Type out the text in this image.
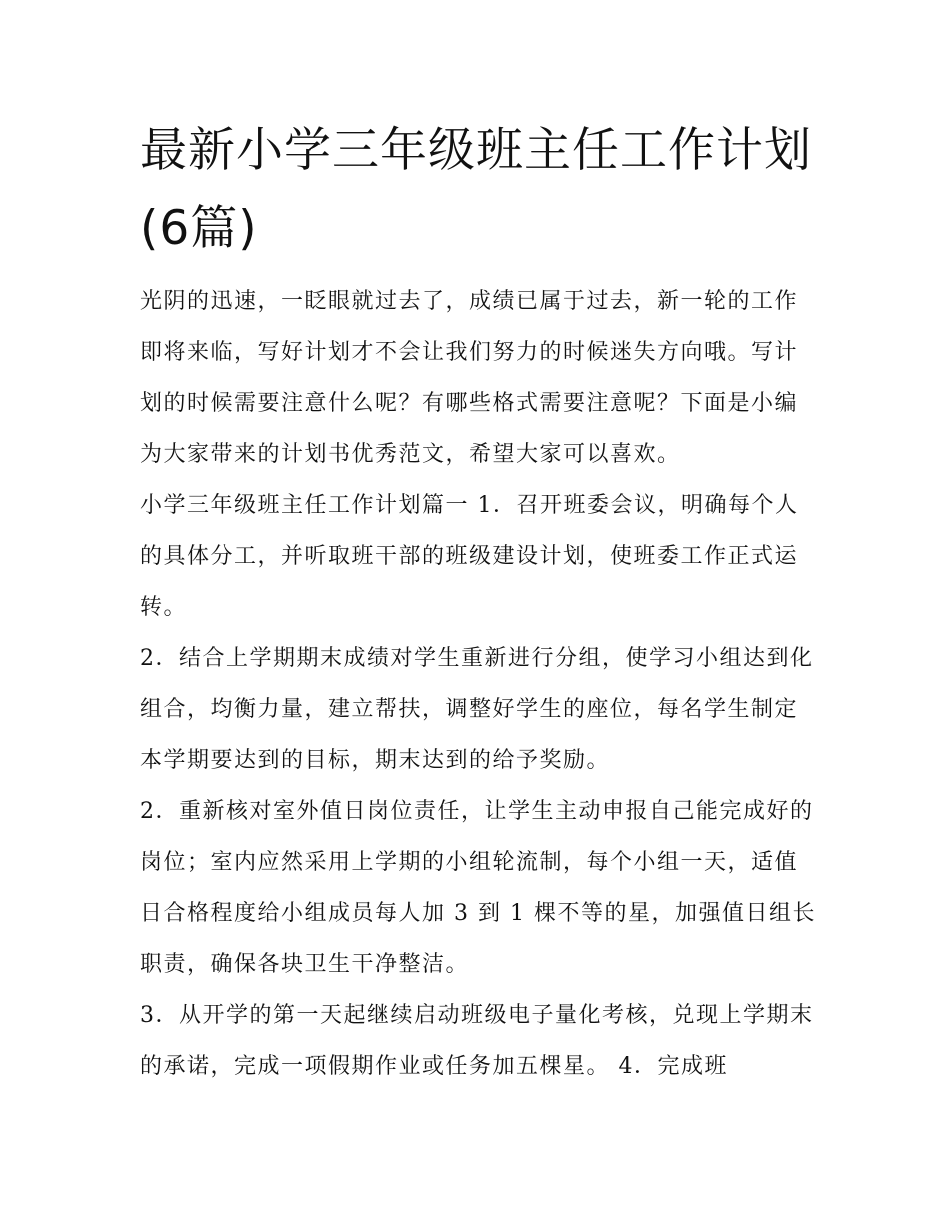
最新小学三年级班主任工作计划(6篇)

光阴的迅速，一眨眼就过去了，成绩已属于过去，新一轮的工作即将来临，写好计划才不会让我们努力的时候迷失方向哦。写计划的时候需要注意什么呢？有哪些格式需要注意呢？下面是小编为大家带来的计划书优秀范文，希望大家可以喜欢。

小学三年级班主任工作计划篇一 1．召开班委会议，明确每个人的具体分工，并听取班干部的班级建设计划，使班委工作正式运转。

2．结合上学期期末成绩对学生重新进行分组，使学习小组达到化组合，均衡力量，建立帮扶，调整好学生的座位，每名学生制定本学期要达到的目标，期末达到的给予奖励。

2．重新核对室外值日岗位责任，让学生主动申报自己能完成好的岗位；室内应然采用上学期的小组轮流制，每个小组一天，适值日合格程度给小组成员每人加 3 到 1 棵不等的星，加强值日组长职责，确保各块卫生干净整洁。

3．从开学的第一天起继续启动班级电子量化考核，兑现上学期末的承诺，完成一项假期作业或任务加五棵星。 4．完成班
